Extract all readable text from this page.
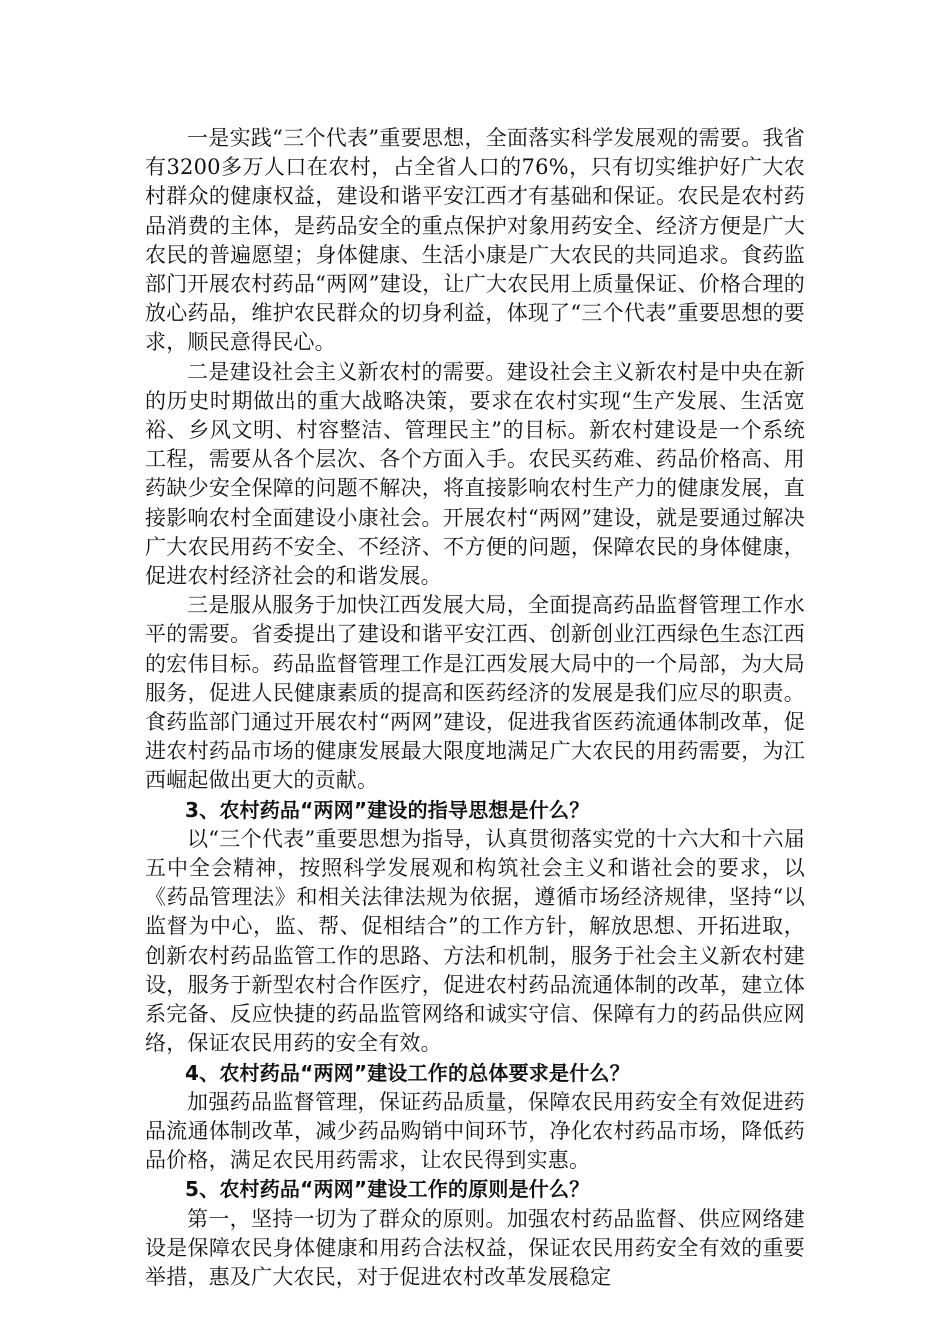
一是实践“三个代表”重要思想，全面落实科学发展观的需要。我省有3200多万人口在农村，占全省人口的76%，只有切实维护好广大农村群众的健康权益，建设和谐平安江西才有基础和保证。农民是农村药品消费的主体，是药品安全的重点保护对象用药安全、经济方便是广大农民的普遍愿望；身体健康、生活小康是广大农民的共同追求。食药监部门开展农村药品“两网”建设，让广大农民用上质量保证、价格合理的放心药品，维护农民群众的切身利益，体现了“三个代表”重要思想的要求，顺民意得民心。

二是建设社会主义新农村的需要。建设社会主义新农村是中央在新的历史时期做出的重大战略决策，要求在农村实现“生产发展、生活宽裕、乡风文明、村容整洁、管理民主”的目标。新农村建设是一个系统工程，需要从各个层次、各个方面入手。农民买药难、药品价格高、用药缺少安全保障的问题不解决，将直接影响农村生产力的健康发展，直接影响农村全面建设小康社会。开展农村“两网”建设，就是要通过解决广大农民用药不安全、不经济、不方便的问题，保障农民的身体健康，促进农村经济社会的和谐发展。

三是服从服务于加快江西发展大局，全面提高药品监督管理工作水平的需要。省委提出了建设和谐平安江西、创新创业江西绿色生态江西的宏伟目标。药品监督管理工作是江西发展大局中的一个局部，为大局服务，促进人民健康素质的提高和医药经济的发展是我们应尽的职责。食药监部门通过开展农村“两网”建设，促进我省医药流通体制改革，促进农村药品市场的健康发展最大限度地满足广大农民的用药需要，为江西崛起做出更大的贡献。

3、农村药品“两网”建设的指导思想是什么？

以“三个代表”重要思想为指导，认真贯彻落实党的十六大和十六届五中全会精神，按照科学发展观和构筑社会主义和谐社会的要求，以《药品管理法》和相关法律法规为依据，遵循市场经济规律，坚持“以监督为中心，监、帮、促相结合”的工作方针，解放思想、开拓进取，创新农村药品监管工作的思路、方法和机制，服务于社会主义新农村建设，服务于新型农村合作医疗，促进农村药品流通体制的改革，建立体系完备、反应快捷的药品监管网络和诚实守信、保障有力的药品供应网络，保证农民用药的安全有效。

4、农村药品“两网”建设工作的总体要求是什么？

加强药品监督管理，保证药品质量，保障农民用药安全有效促进药品流通体制改革，减少药品购销中间环节，净化农村药品市场，降低药品价格，满足农民用药需求，让农民得到实惠。

5、农村药品“两网”建设工作的原则是什么？

第一，坚持一切为了群众的原则。加强农村药品监督、供应网络建设是保障农民身体健康和用药合法权益，保证农民用药安全有效的重要举措，惠及广大农民，对于促进农村改革发展稳定
